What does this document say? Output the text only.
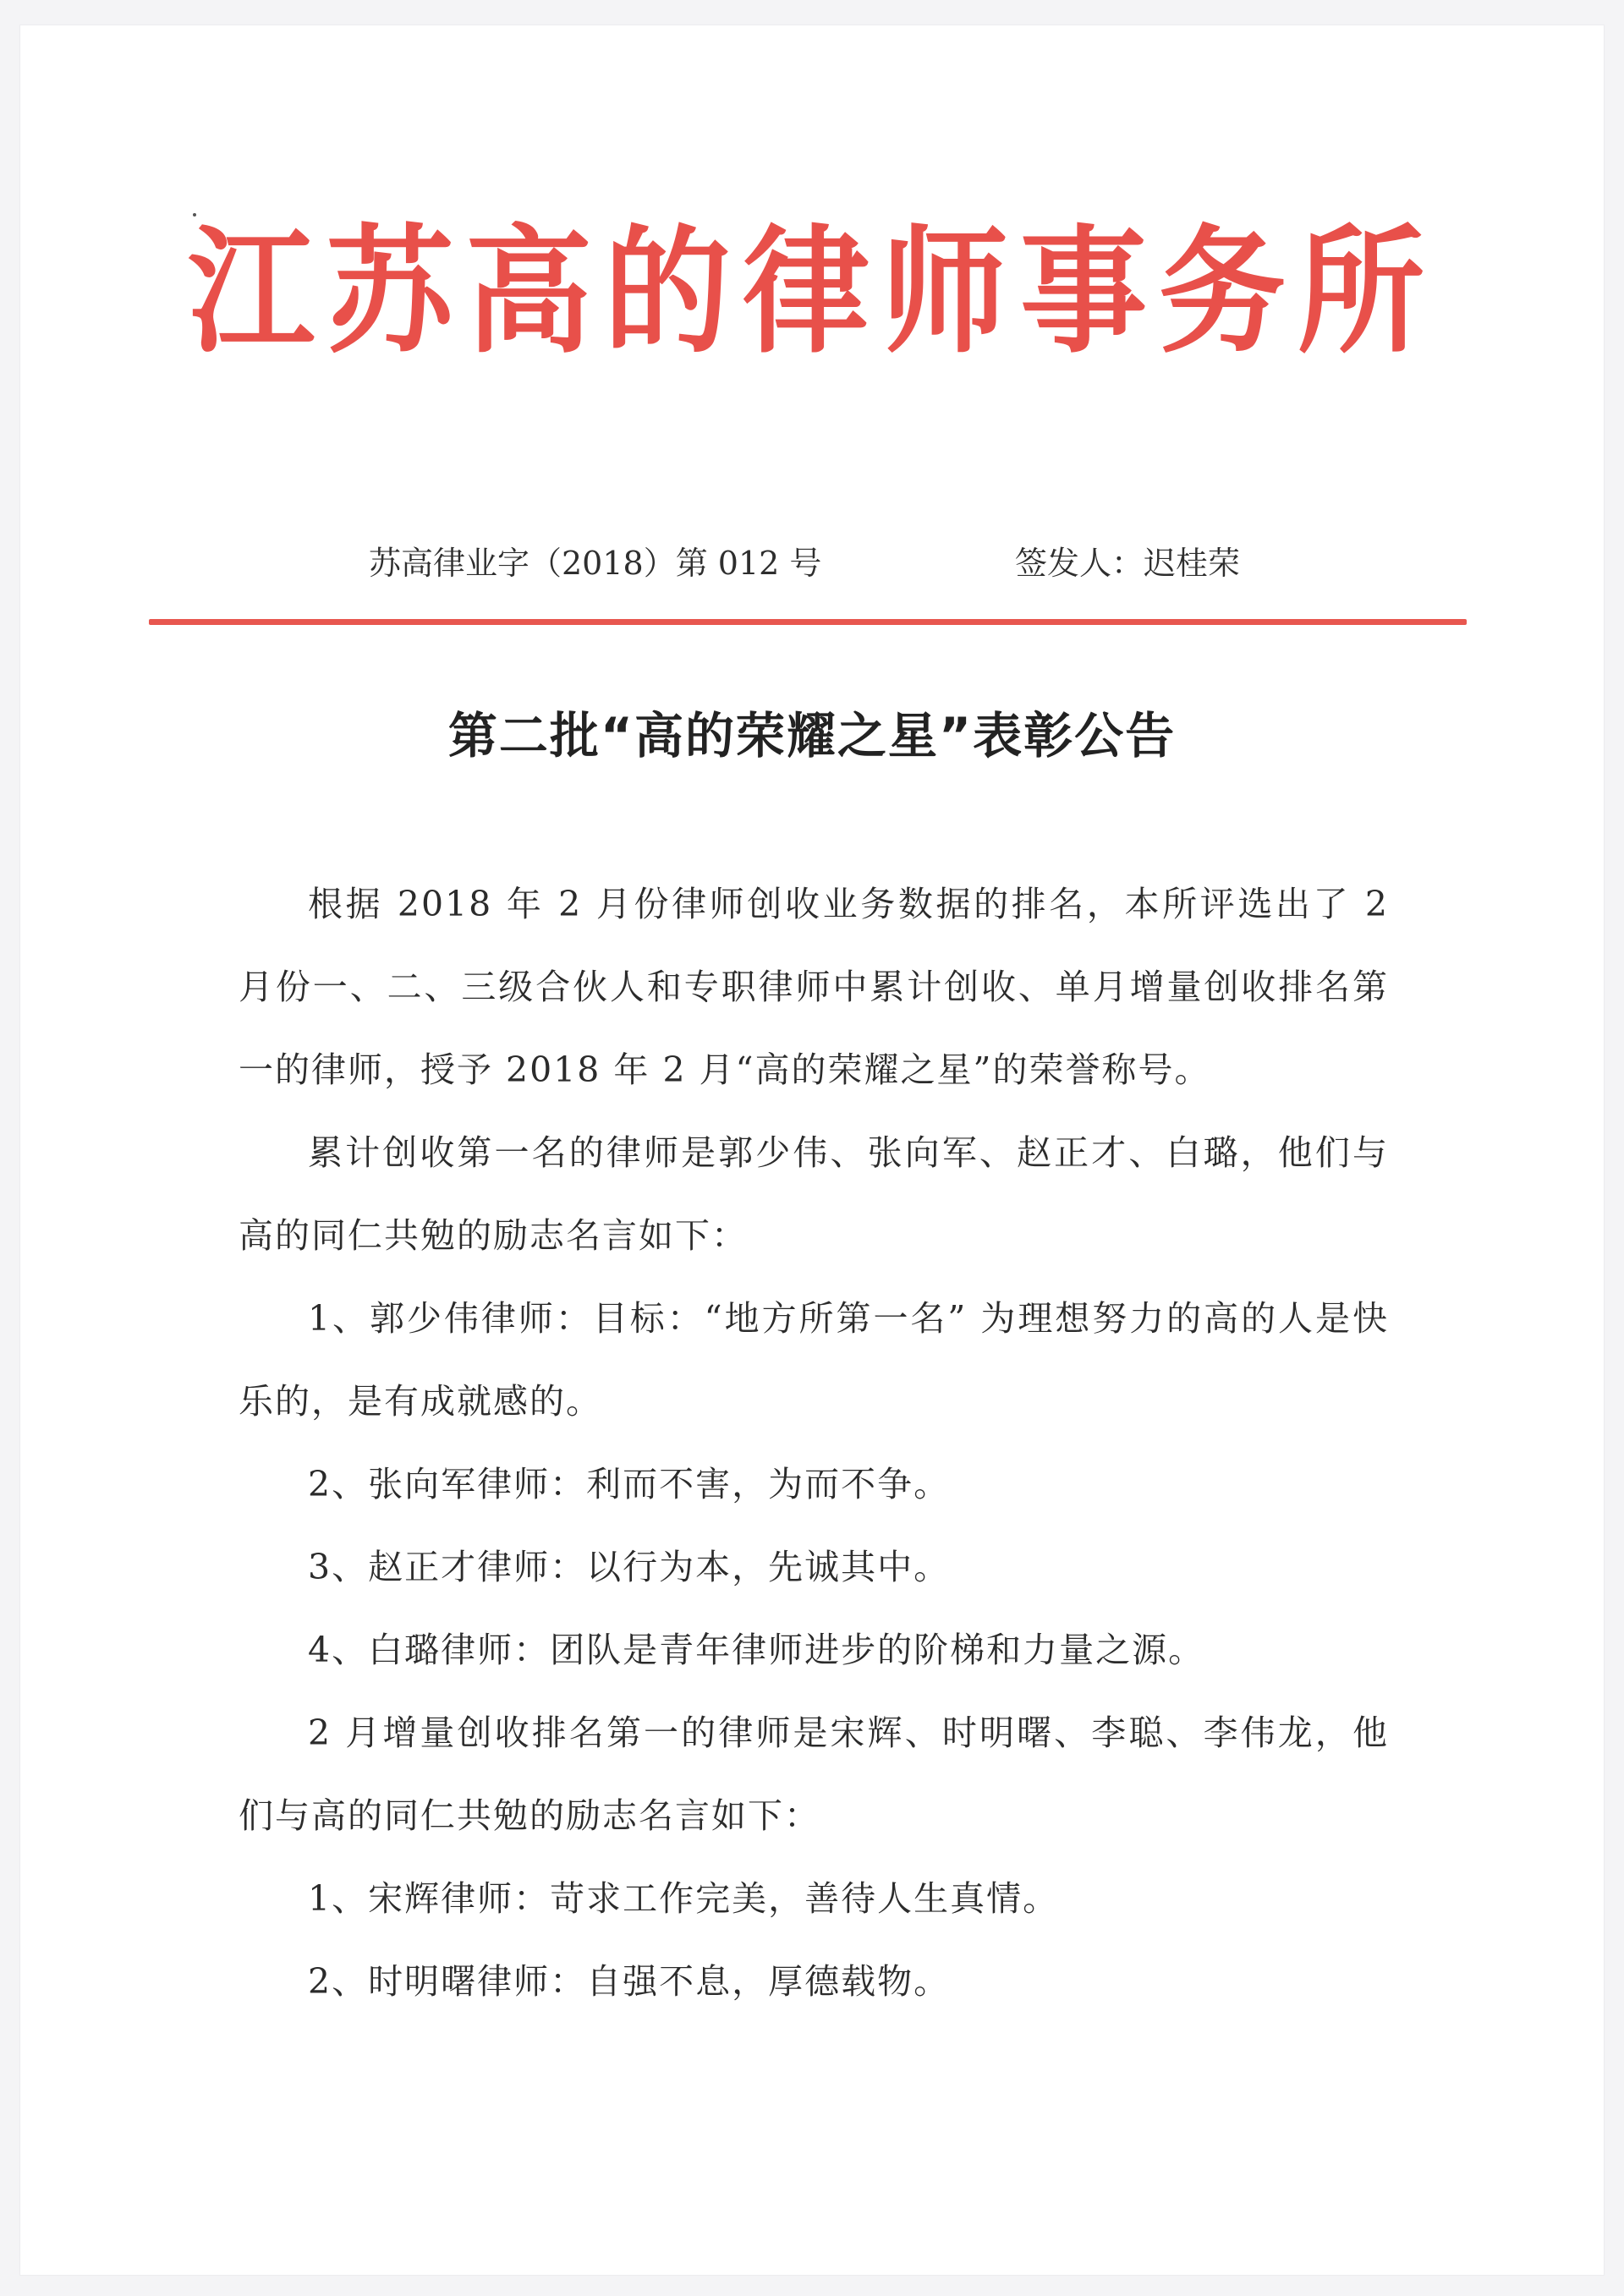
江苏高的律师事务所
苏高律业字（2018）第 012 号	签发人：迟桂荣
第二批“高的荣耀之星”表彰公告

根据 2018 年 2 月份律师创收业务数据的排名，本所评选出了 2 月份一、二、三级合伙人和专职律师中累计创收、单月增量创收排名第一的律师，授予 2018 年 2 月“高的荣耀之星”的荣誉称号。

累计创收第一名的律师是郭少伟、张向军、赵正才、白璐，他们与高的同仁共勉的励志名言如下：

1、郭少伟律师：目标：“地方所第一名” 为理想努力的高的人是快乐的，是有成就感的。

2、张向军律师：利而不害，为而不争。

3、赵正才律师：以行为本，先诚其中。

4、白璐律师：团队是青年律师进步的阶梯和力量之源。

2 月增量创收排名第一的律师是宋辉、时明曙、李聪、李伟龙，他们与高的同仁共勉的励志名言如下：

1、宋辉律师：苛求工作完美，善待人生真情。

2、时明曙律师：自强不息，厚德载物。
